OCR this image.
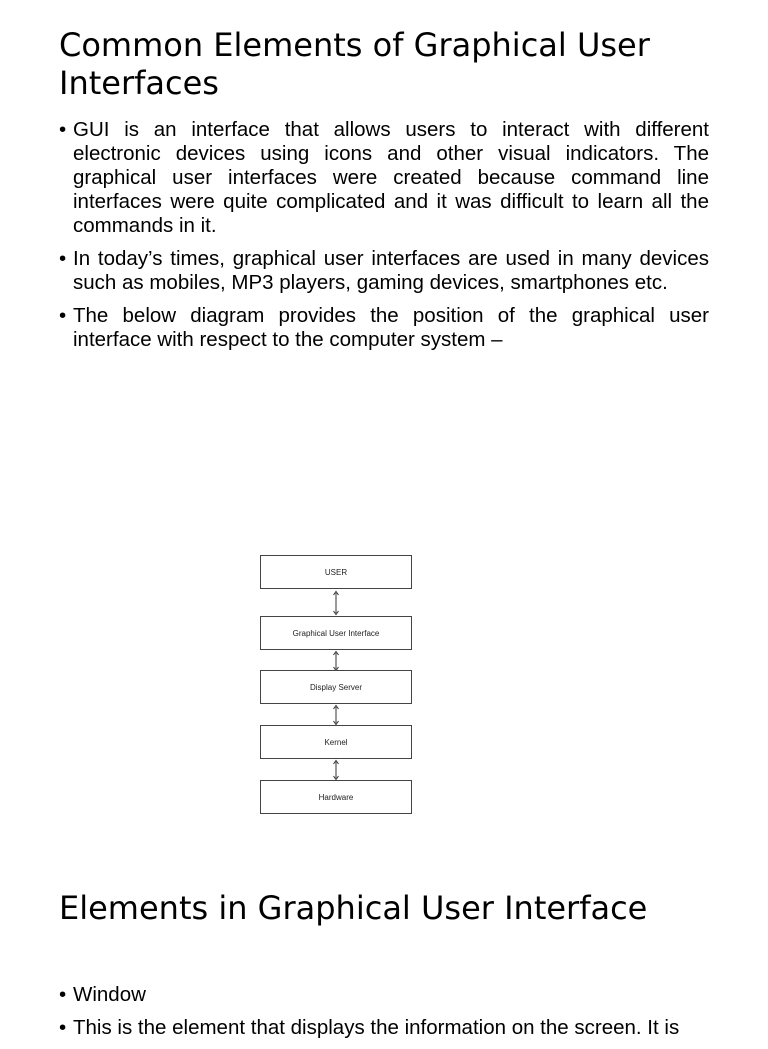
Common Elements of Graphical User Interfaces
• GUI is an interface that allows users to interact with different electronic devices using icons and other visual indicators. The graphical user interfaces were created because command line interfaces were quite complicated and it was difficult to learn all the commands in it.
• In today’s times, graphical user interfaces are used in many devices such as mobiles, MP3 players, gaming devices, smartphones etc.
• The below diagram provides the position of the graphical user interface with respect to the computer system –
USER
Graphical User Interface
Display Server
Kernel
Hardware
Elements in Graphical User Interface
• Window
• This is the element that displays the information on the screen. It is
